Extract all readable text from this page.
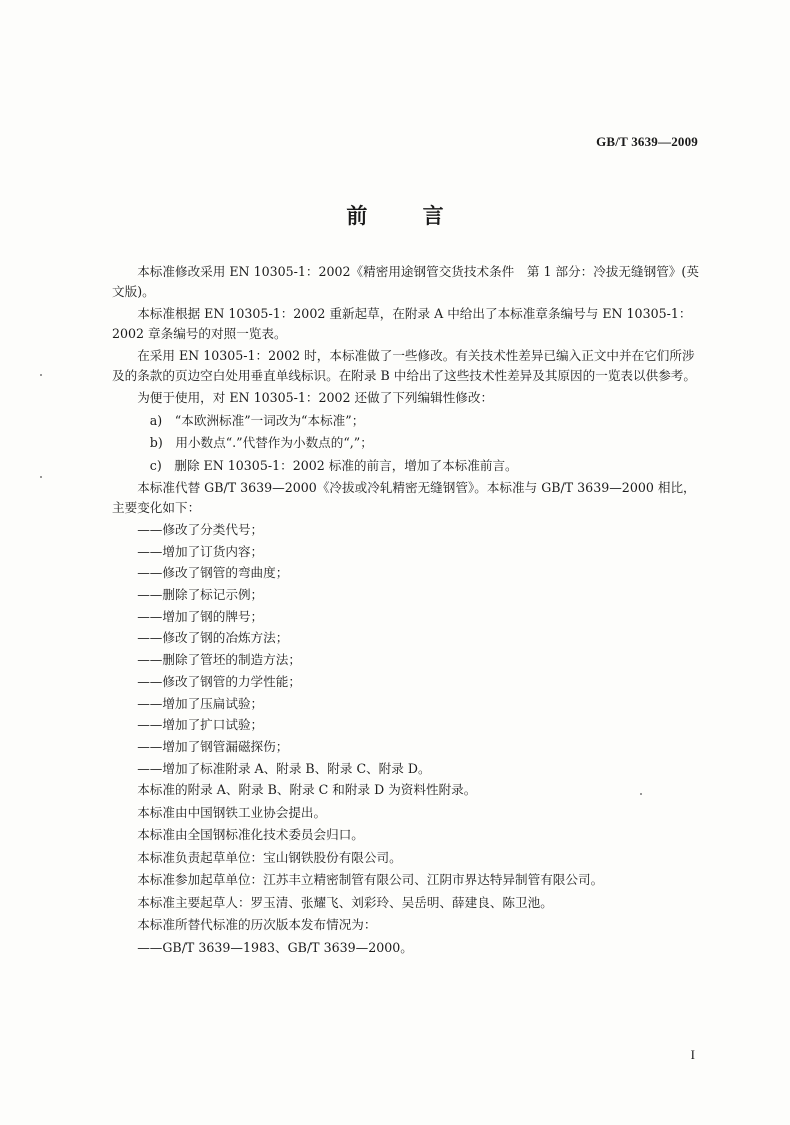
GB/T 3639—2009
前 言

本标准修改采用 EN 10305-1：2002《精密用途钢管交货技术条件　第 1 部分：冷拔无缝钢管》(英文版)。

本标准根据 EN 10305-1：2002 重新起草，在附录 A 中给出了本标准章条编号与 EN 10305-1：2002 章条编号的对照一览表。

在采用 EN 10305-1：2002 时，本标准做了一些修改。有关技术性差异已编入正文中并在它们所涉及的条款的页边空白处用垂直单线标识。在附录 B 中给出了这些技术性差异及其原因的一览表以供参考。

为便于使用，对 EN 10305-1：2002 还做了下列编辑性修改：

a)　“本欧洲标准”一词改为“本标准”；

b)　用小数点“.”代替作为小数点的“,”；

c)　删除 EN 10305-1：2002 标准的前言，增加了本标准前言。

本标准代替 GB/T 3639—2000《冷拔或冷轧精密无缝钢管》。本标准与 GB/T 3639—2000 相比，主要变化如下：

——修改了分类代号；

——增加了订货内容；

——修改了钢管的弯曲度；

——删除了标记示例；

——增加了钢的牌号；

——修改了钢的冶炼方法；

——删除了管坯的制造方法；

——修改了钢管的力学性能；

——增加了压扁试验；

——增加了扩口试验；

——增加了钢管漏磁探伤；

——增加了标准附录 A、附录 B、附录 C、附录 D。

本标准的附录 A、附录 B、附录 C 和附录 D 为资料性附录。

本标准由中国钢铁工业协会提出。

本标准由全国钢标准化技术委员会归口。

本标准负责起草单位：宝山钢铁股份有限公司。

本标准参加起草单位：江苏丰立精密制管有限公司、江阴市界达特异制管有限公司。

本标准主要起草人：罗玉清、张耀飞、刘彩玲、吴岳明、薛建良、陈卫池。

本标准所替代标准的历次版本发布情况为：

——GB/T 3639—1983、GB/T 3639—2000。

I
